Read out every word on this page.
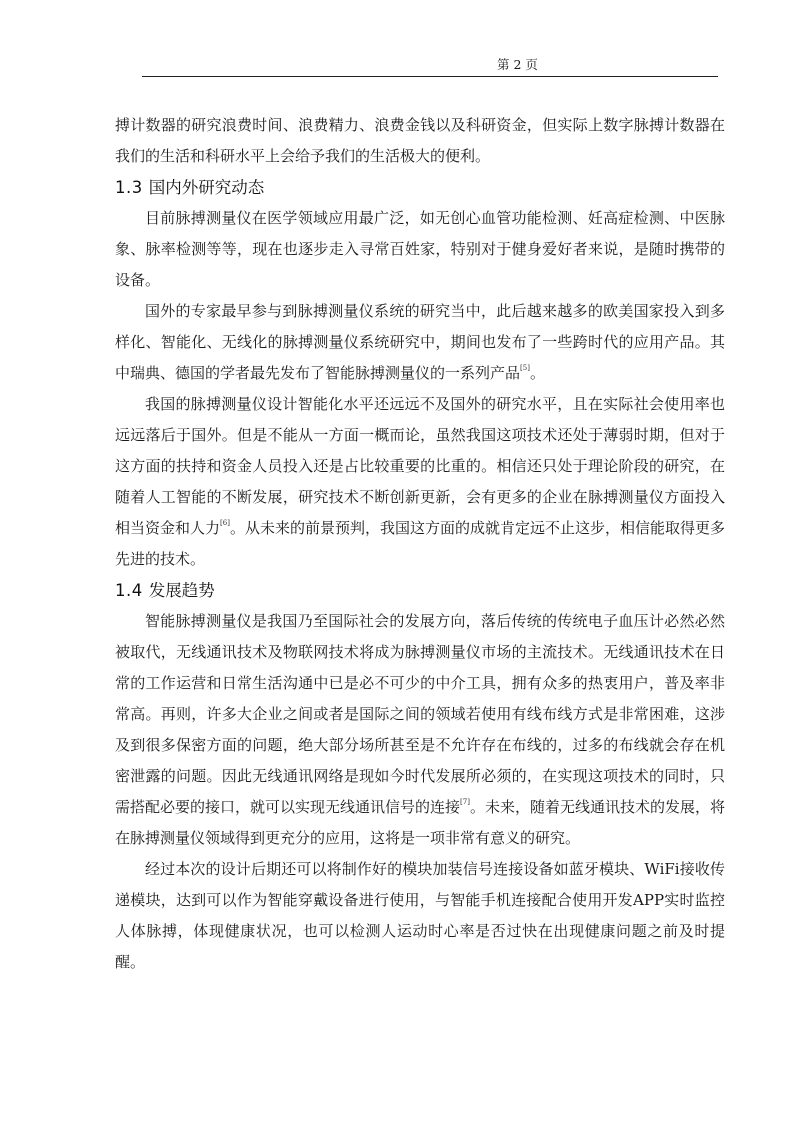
第 2 页

搏计数器的研究浪费时间、浪费精力、浪费金钱以及科研资金，但实际上数字脉搏计数器在我们的生活和科研水平上会给予我们的生活极大的便利。

1.3 国内外研究动态

目前脉搏测量仪在医学领域应用最广泛，如无创心血管功能检测、妊高症检测、中医脉象、脉率检测等等，现在也逐步走入寻常百姓家，特别对于健身爱好者来说，是随时携带的设备。

国外的专家最早参与到脉搏测量仪系统的研究当中，此后越来越多的欧美国家投入到多样化、智能化、无线化的脉搏测量仪系统研究中，期间也发布了一些跨时代的应用产品。其中瑞典、德国的学者最先发布了智能脉搏测量仪的一系列产品[5]。

我国的脉搏测量仪设计智能化水平还远远不及国外的研究水平，且在实际社会使用率也远远落后于国外。但是不能从一方面一概而论，虽然我国这项技术还处于薄弱时期，但对于这方面的扶持和资金人员投入还是占比较重要的比重的。相信还只处于理论阶段的研究，在随着人工智能的不断发展，研究技术不断创新更新，会有更多的企业在脉搏测量仪方面投入相当资金和人力[6]。从未来的前景预判，我国这方面的成就肯定远不止这步，相信能取得更多先进的技术。

1.4 发展趋势

智能脉搏测量仪是我国乃至国际社会的发展方向，落后传统的传统电子血压计必然必然被取代，无线通讯技术及物联网技术将成为脉搏测量仪市场的主流技术。无线通讯技术在日常的工作运营和日常生活沟通中已是必不可少的中介工具，拥有众多的热衷用户，普及率非常高。再则，许多大企业之间或者是国际之间的领域若使用有线布线方式是非常困难，这涉及到很多保密方面的问题，绝大部分场所甚至是不允许存在布线的，过多的布线就会存在机密泄露的问题。因此无线通讯网络是现如今时代发展所必须的，在实现这项技术的同时，只需搭配必要的接口，就可以实现无线通讯信号的连接[7]。未来，随着无线通讯技术的发展，将在脉搏测量仪领域得到更充分的应用，这将是一项非常有意义的研究。

经过本次的设计后期还可以将制作好的模块加装信号连接设备如蓝牙模块、WiFi接收传递模块，达到可以作为智能穿戴设备进行使用，与智能手机连接配合使用开发APP实时监控人体脉搏，体现健康状况，也可以检测人运动时心率是否过快在出现健康问题之前及时提醒。
